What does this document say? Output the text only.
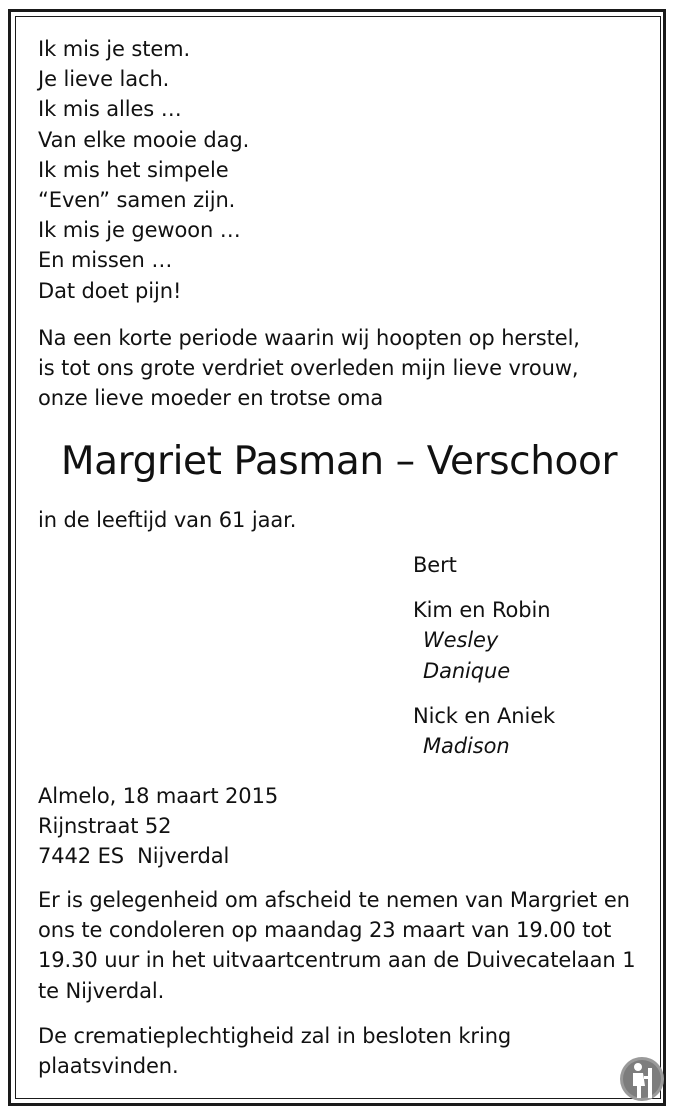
Ik mis je stem.
Je lieve lach.
Ik mis alles …
Van elke mooie dag.
Ik mis het simpele
“Even” samen zijn.
Ik mis je gewoon …
En missen …
Dat doet pijn!
Na een korte periode waarin wij hoopten op herstel,
is tot ons grote verdriet overleden mijn lieve vrouw,
onze lieve moeder en trotse oma
Margriet Pasman – Verschoor
in de leeftijd van 61 jaar.
Bert
Kim en Robin
Wesley
Danique
Nick en Aniek
Madison
Almelo, 18 maart 2015
Rijnstraat 52
7442 ES  Nijverdal
Er is gelegenheid om afscheid te nemen van Margriet en
ons te condoleren op maandag 23 maart van 19.00 tot
19.30 uur in het uitvaartcentrum aan de Duivecatelaan 1
te Nijverdal.
De crematieplechtigheid zal in besloten kring
plaatsvinden.
